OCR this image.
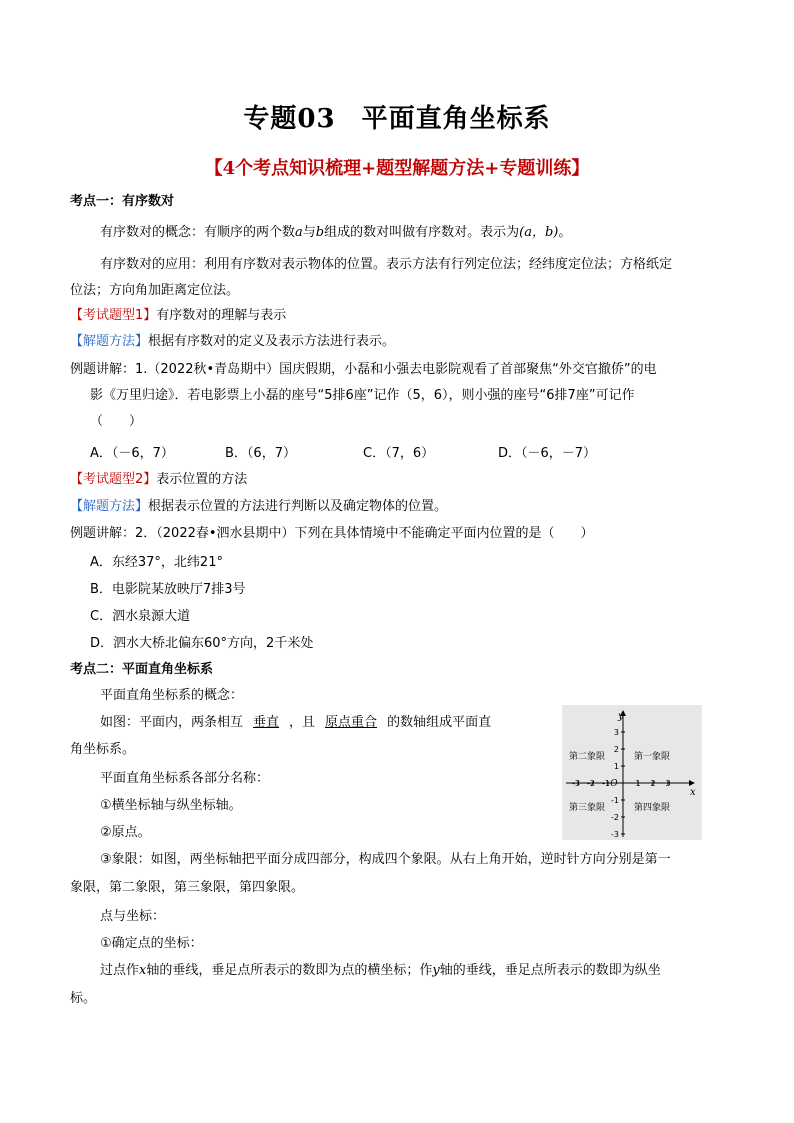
专题03 平面直角坐标系
【4个考点知识梳理+题型解题方法+专题训练】
考点一：有序数对
有序数对的概念：有顺序的两个数a与b组成的数对叫做有序数对。表示为(a，b)。
有序数对的应用：利用有序数对表示物体的位置。表示方法有行列定位法；经纬度定位法；方格纸定
位法；方向角加距离定位法。
【考试题型1】有序数对的理解与表示
【解题方法】根据有序数对的定义及表示方法进行表示。
例题讲解：1.（2022秋•青岛期中）国庆假期，小磊和小强去电影院观看了首部聚焦“外交官撤侨”的电
影《万里归途》．若电影票上小磊的座号“5排6座”记作（5，6），则小强的座号“6排7座”可记作
（　　）
A．（－6，7）	B．（6，7）	C．（7，6）	D．（－6，－7）
【考试题型2】表示位置的方法
【解题方法】根据表示位置的方法进行判断以及确定物体的位置。
例题讲解：2．（2022春•泗水县期中）下列在具体情境中不能确定平面内位置的是（　　）
A．东经37°，北纬21°
B．电影院某放映厅7排3号
C．泗水泉源大道
D．泗水大桥北偏东60°方向，2千米处
考点二：平面直角坐标系
平面直角坐标系的概念：
如图：平面内，两条相互 垂直 ，且 原点重合 的数轴组成平面直
角坐标系。
平面直角坐标系各部分名称：
①横坐标轴与纵坐标轴。
②原点。
③象限：如图，两坐标轴把平面分成四部分，构成四个象限。从右上角开始，逆时针方向分别是第一
象限，第二象限，第三象限，第四象限。
点与坐标：
①确定点的坐标：
过点作x轴的垂线，垂足点所表示的数即为点的横坐标；作y轴的垂线，垂足点所表示的数即为纵坐
标。
-3 -2 -1	1 2 3
3
2
1
-1
-2
-3
y
x
O
第一象限
第二象限
第三象限	第四象限
